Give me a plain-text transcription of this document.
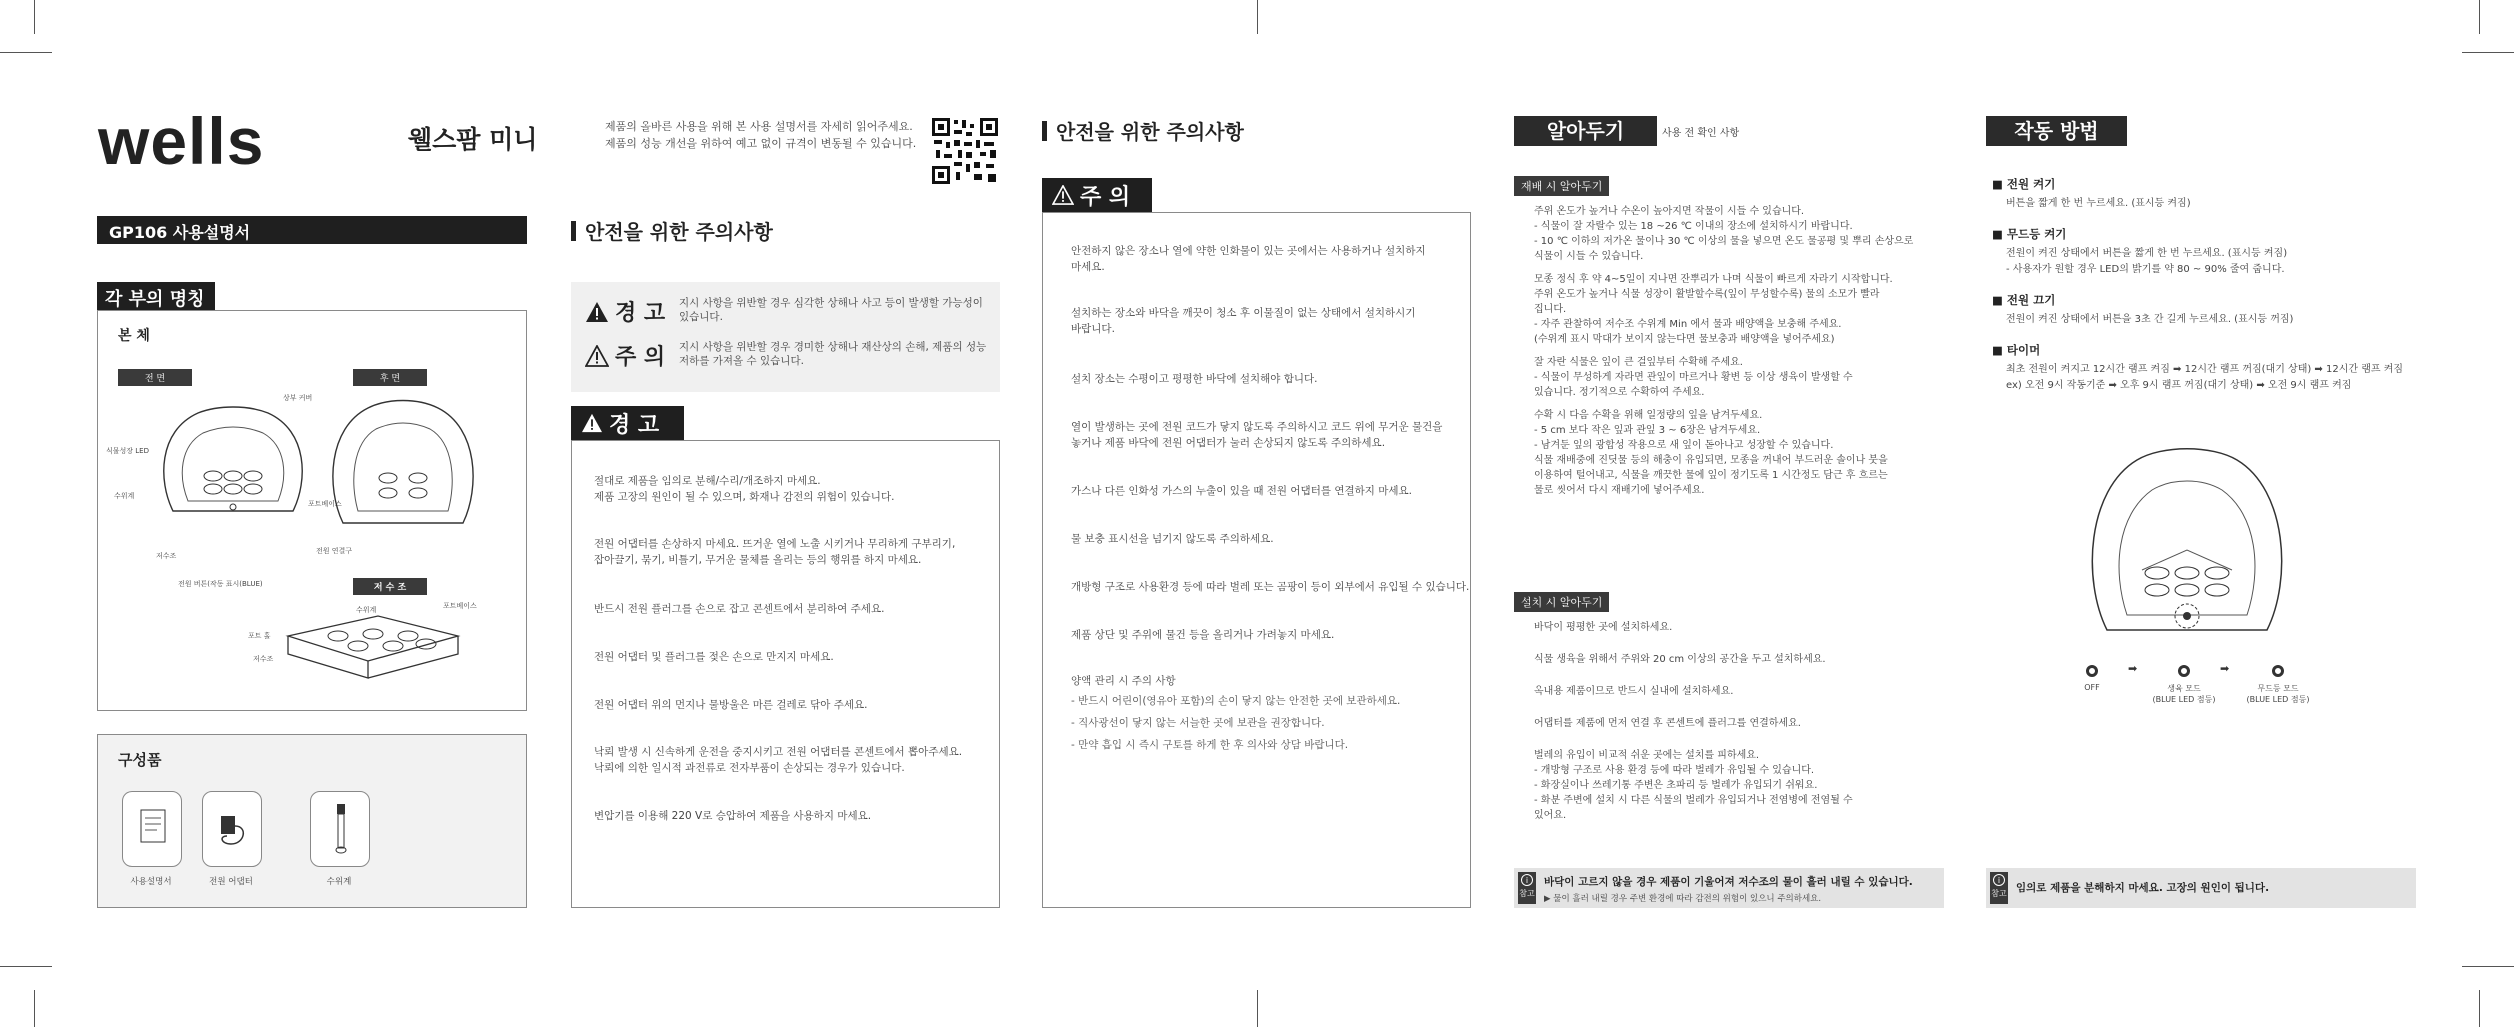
wells	웰스팜 미니	제품의 올바른 사용을 위해 본 사용 설명서를 자세히 읽어주세요.
제품의 성능 개선을 위하여 예고 없이 규격이 변동될 수 있습니다.
GP106 사용설명서
각 부의 명칭
본 체
전 면	후 면
상부 커버
식물성장 LED
수위계
포트베이스
저수조
전원 버튼(작동 표시(BLUE)
전원 연결구
저 수 조
수위계	포트베이스
포트 홀
저수조
구성품
사용설명서	전원 어댑터	수위계
안전을 위한 주의사항
경 고 지시 사항을 위반할 경우 심각한 상해나 사고 등이 발생할 가능성이 있습니다.
주 의 지시 사항을 위반할 경우 경미한 상해나 재산상의 손해, 제품의 성능 저하를 가져올 수 있습니다.
경 고
절대로 제품을 임의로 분해/수리/개조하지 마세요.
제품 고장의 원인이 될 수 있으며, 화재나 감전의 위험이 있습니다.
전원 어댑터를 손상하지 마세요. 뜨거운 열에 노출 시키거나 무리하게 구부리기,
잡아끌기, 묶기, 비틀기, 무거운 물체를 올리는 등의 행위를 하지 마세요.
반드시 전원 플러그를 손으로 잡고 콘센트에서 분리하여 주세요.
전원 어댑터 및 플러그를 젖은 손으로 만지지 마세요.
전원 어댑터 위의 먼지나 물방울은 마른 걸레로 닦아 주세요.
낙뢰 발생 시 신속하게 운전을 중지시키고 전원 어댑터를 콘센트에서 뽑아주세요.
낙뢰에 의한 일시적 과전류로 전자부품이 손상되는 경우가 있습니다.
변압기를 이용해 220 V로 승압하여 제품을 사용하지 마세요.
안전을 위한 주의사항
주 의
안전하지 않은 장소나 열에 약한 인화물이 있는 곳에서는 사용하거나 설치하지
마세요.
설치하는 장소와 바닥을 깨끗이 청소 후 이물질이 없는 상태에서 설치하시기
바랍니다.
설치 장소는 수평이고 평평한 바닥에 설치해야 합니다.
열이 발생하는 곳에 전원 코드가 닿지 않도록 주의하시고 코드 위에 무거운 물건을
놓거나 제품 바닥에 전원 어댑터가 눌러 손상되지 않도록 주의하세요.
가스나 다른 인화성 가스의 누출이 있을 때 전원 어댑터를 연결하지 마세요.
물 보충 표시선을 넘기지 않도록 주의하세요.
개방형 구조로 사용환경 등에 따라 벌레 또는 곰팡이 등이 외부에서 유입될 수 있습니다.
제품 상단 및 주위에 물건 등을 올리거나 가려놓지 마세요.
양액 관리 시 주의 사항
- 반드시 어린이(영유아 포함)의 손이 닿지 않는 안전한 곳에 보관하세요.
- 직사광선이 닿지 않는 서늘한 곳에 보관을 권장합니다.
- 만약 흡입 시 즉시 구토를 하게 한 후 의사와 상담 바랍니다.
알아두기	사용 전 확인 사항
재배 시 알아두기
주위 온도가 높거나 수온이 높아지면 작물이 시들 수 있습니다.
- 식물이 잘 자랄수 있는 18 ~26 ℃ 이내의 장소에 설치하시기 바랍니다.
- 10 ℃ 이하의 저가온 물이나 30 ℃ 이상의 물을 넣으면 온도 물공평 및 뿌리 손상으로
식물이 시들 수 있습니다.
모종 정식 후 약 4~5일이 지나면 잔뿌리가 나며 식물이 빠르게 자라기 시작합니다.
주위 온도가 높거나 식물 성장이 활발할수록(잎이 무성할수록) 물의 소모가 빨라
집니다.
- 자주 관찰하여 저수조 수위계 Min 에서 물과 배양액을 보충해 주세요.
(수위계 표시 막대가 보이지 않는다면 물보충과 배양액을 넣어주세요)
잘 자란 식물은 잎이 큰 걸잎부터 수확해 주세요.
- 식물이 무성하게 자라면 관잎이 마르거나 황변 등 이상 생육이 발생할 수
있습니다. 정기적으로 수확하여 주세요.
수확 시 다음 수확을 위해 일정량의 잎을 남겨두세요.
- 5 cm 보다 작은 잎과 관잎 3 ~ 6장은 남겨두세요.
- 남겨둔 잎의 광합성 작용으로 새 잎이 돋아나고 성장할 수 있습니다.
식물 재배중에 진딧물 등의 해충이 유입되면, 모종을 꺼내어 부드러운 솔이나 붓을
이용하여 털어내고, 식물을 깨끗한 물에 잎이 정기도록 1 시간정도 담근 후 흐르는
물로 씻어서 다시 재배기에 넣어주세요.
설치 시 알아두기
바닥이 평평한 곳에 설치하세요.
식물 생육을 위해서 주위와 20 cm 이상의 공간을 두고 설치하세요.
옥내용 제품이므로 반드시 실내에 설치하세요.
어댑터를 제품에 먼저 연결 후 콘센트에 플러그를 연결하세요.
벌레의 유입이 비교적 쉬운 곳에는 설치를 피하세요.
- 개방형 구조로 사용 환경 등에 따라 벌레가 유입될 수 있습니다.
- 화장실이나 쓰레기통 주변은 초파리 등 벌레가 유입되기 쉬워요.
- 화분 주변에 설치 시 다른 식물의 벌레가 유입되거나 전염병에 전염될 수
있어요.
i
참고
바닥이 고르지 않을 경우 제품이 기울어져 저수조의 물이 흘러 내릴 수 있습니다.
▶ 물이 흘러 내릴 경우 주변 환경에 따라 감전의 위험이 있으니 주의하세요.
작동 방법
■ 전원 켜기
버튼을 짧게 한 번 누르세요. (표시등 켜짐)
■ 무드등 켜기
전원이 켜진 상태에서 버튼을 짧게 한 번 누르세요. (표시등 켜짐)
- 사용자가 원할 경우 LED의 밝기를 약 80 ~ 90% 줄여 줍니다.
■ 전원 끄기
전원이 켜진 상태에서 버튼을 3초 간 길게 누르세요. (표시등 꺼짐)
■ 타이머
최초 전원이 켜지고 12시간 램프 켜짐 ➡ 12시간 램프 꺼짐(대기 상태) ➡ 12시간 램프 켜짐
ex) 오전 9시 작동기준 ➡ 오후 9시 램프 꺼짐(대기 상태) ➡ 오전 9시 램프 켜짐
➡	➡
OFF	생육 모드
(BLUE LED 점등)
무드등 모드
(BLUE LED 점등)
i
참고 임의로 제품을 분해하지 마세요. 고장의 원인이 됩니다.
